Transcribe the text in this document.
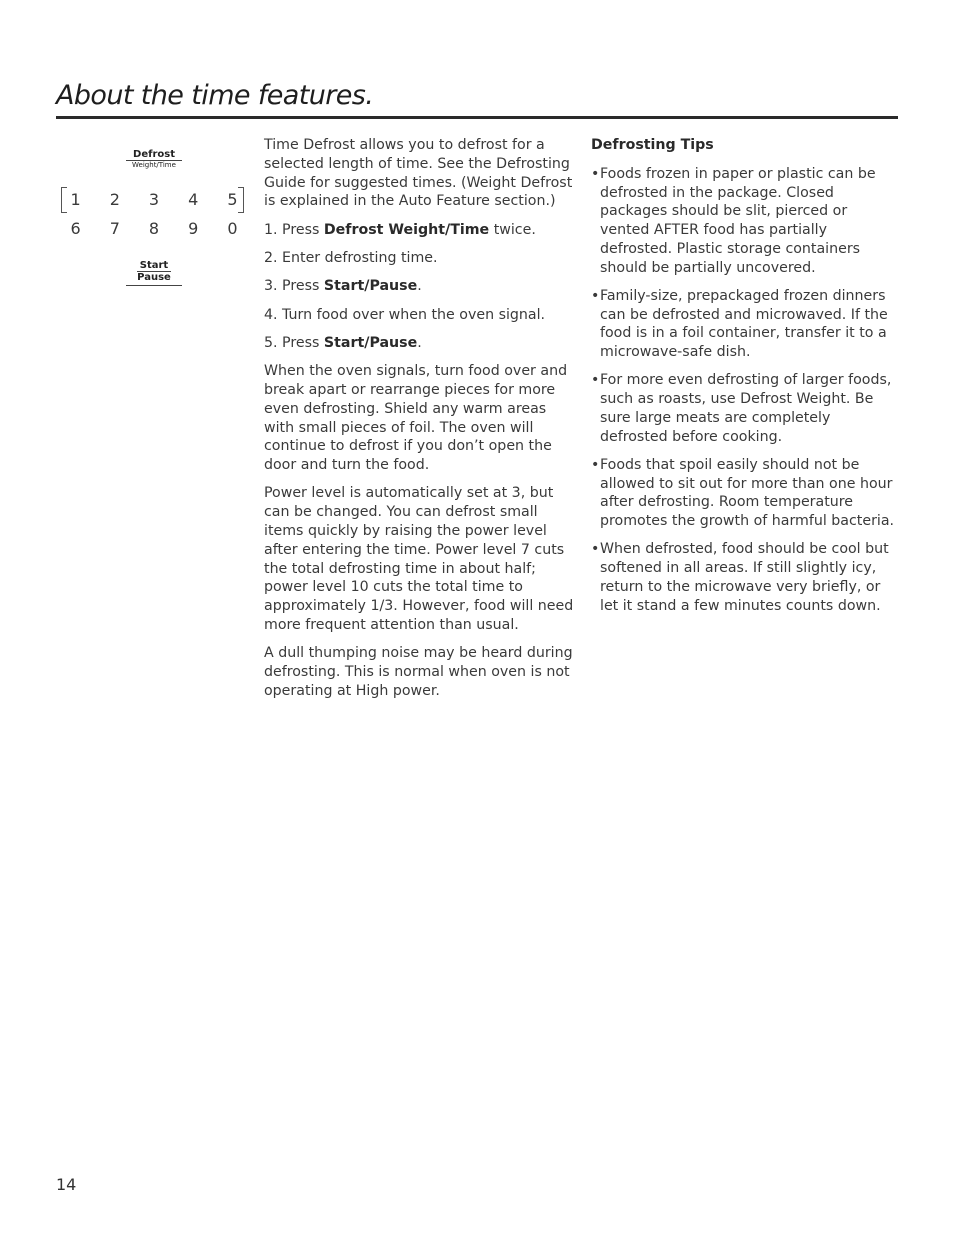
About the time features.
Defrost
Weight/Time
1	2	3	4	5
6	7	8	9	0
Start
Pause

Time Defrost allows you to defrost for a selected length of time. See the Defrosting Guide for suggested times. (Weight Defrost is explained in the Auto Feature section.)

1. Press Defrost Weight/Time twice.

2. Enter defrosting time.

3. Press Start/Pause.

4. Turn food over when the oven signal.

5. Press Start/Pause.

When the oven signals, turn food over and break apart or rearrange pieces for more even defrosting. Shield any warm areas with small pieces of foil. The oven will continue to defrost if you don’t open the door and turn the food.

Power level is automatically set at 3, but can be changed. You can defrost small items quickly by raising the power level after entering the time. Power level 7 cuts the total defrosting time in about half; power level 10 cuts the total time to approximately 1/3. However, food will need more frequent attention than usual.

A dull thumping noise may be heard during defrosting. This is normal when oven is not operating at High power.

Defrosting Tips

• Foods frozen in paper or plastic can be defrosted in the package. Closed packages should be slit, pierced or vented AFTER food has partially defrosted. Plastic storage containers should be partially uncovered.
• Family-size, prepackaged frozen dinners can be defrosted and microwaved. If the food is in a foil container, transfer it to a microwave-safe dish.
• For more even defrosting of larger foods, such as roasts, use Defrost Weight. Be sure large meats are completely defrosted before cooking.
• Foods that spoil easily should not be allowed to sit out for more than one hour after defrosting. Room temperature promotes the growth of harmful bacteria.
• When defrosted, food should be cool but softened in all areas. If still slightly icy, return to the microwave very briefly, or let it stand a few minutes counts down.
14
